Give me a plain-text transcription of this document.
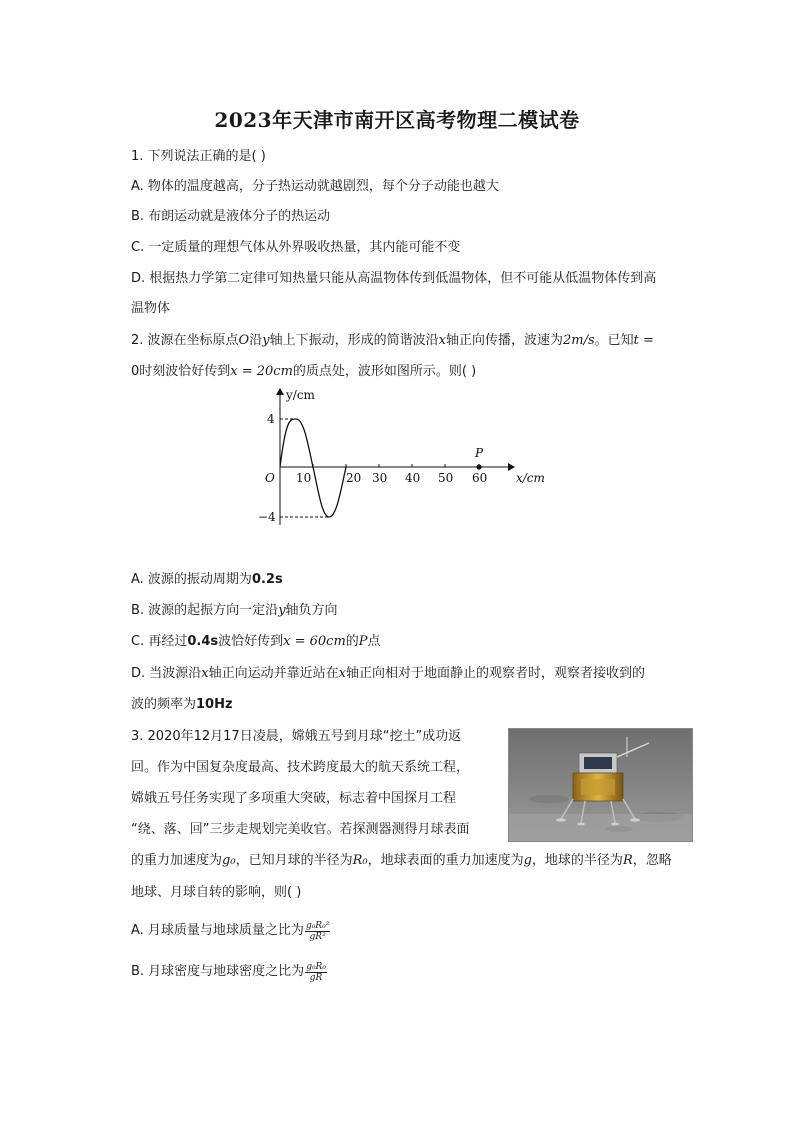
2023年天津市南开区高考物理二模试卷
1. 下列说法正确的是( )
A. 物体的温度越高，分子热运动就越剧烈，每个分子动能也越大
B. 布朗运动就是液体分子的热运动
C. 一定质量的理想气体从外界吸收热量，其内能可能不变
D. 根据热力学第二定律可知热量只能从高温物体传到低温物体，但不可能从低温物体传到高
温物体
2. 波源在坐标原点O沿y轴上下振动，形成的简谐波沿x轴正向传播，波速为2m/s。已知t =
0时刻波恰好传到x = 20cm的质点处，波形如图所示。则( )
y/cm
x/cm
O
4
−4
10	20 30 40 50 60
P
A. 波源的振动周期为0.2s
B. 波源的起振方向一定沿y轴负方向
C. 再经过0.4s波恰好传到x = 60cm的P点
D. 当波源沿x轴正向运动并靠近站在x轴正向相对于地面静止的观察者时，观察者接收到的
波的频率为10Hz
3. 2020年12月17日凌晨，嫦娥五号到月球“挖土”成功返
回。作为中国复杂度最高、技术跨度最大的航天系统工程，
嫦娥五号任务实现了多项重大突破，标志着中国探月工程
“绕、落、回”三步走规划完美收官。若探测器测得月球表面
的重力加速度为g₀，已知月球的半径为R₀，地球表面的重力加速度为g，地球的半径为R，忽略
地球、月球自转的影响，则( )
A. 月球质量与地球质量之比为 $\frac{\text{g₀R₀²}}{\text{gR²}}$
B. 月球密度与地球密度之比为 $\frac{\text{g₀R₀}}{gR}$
